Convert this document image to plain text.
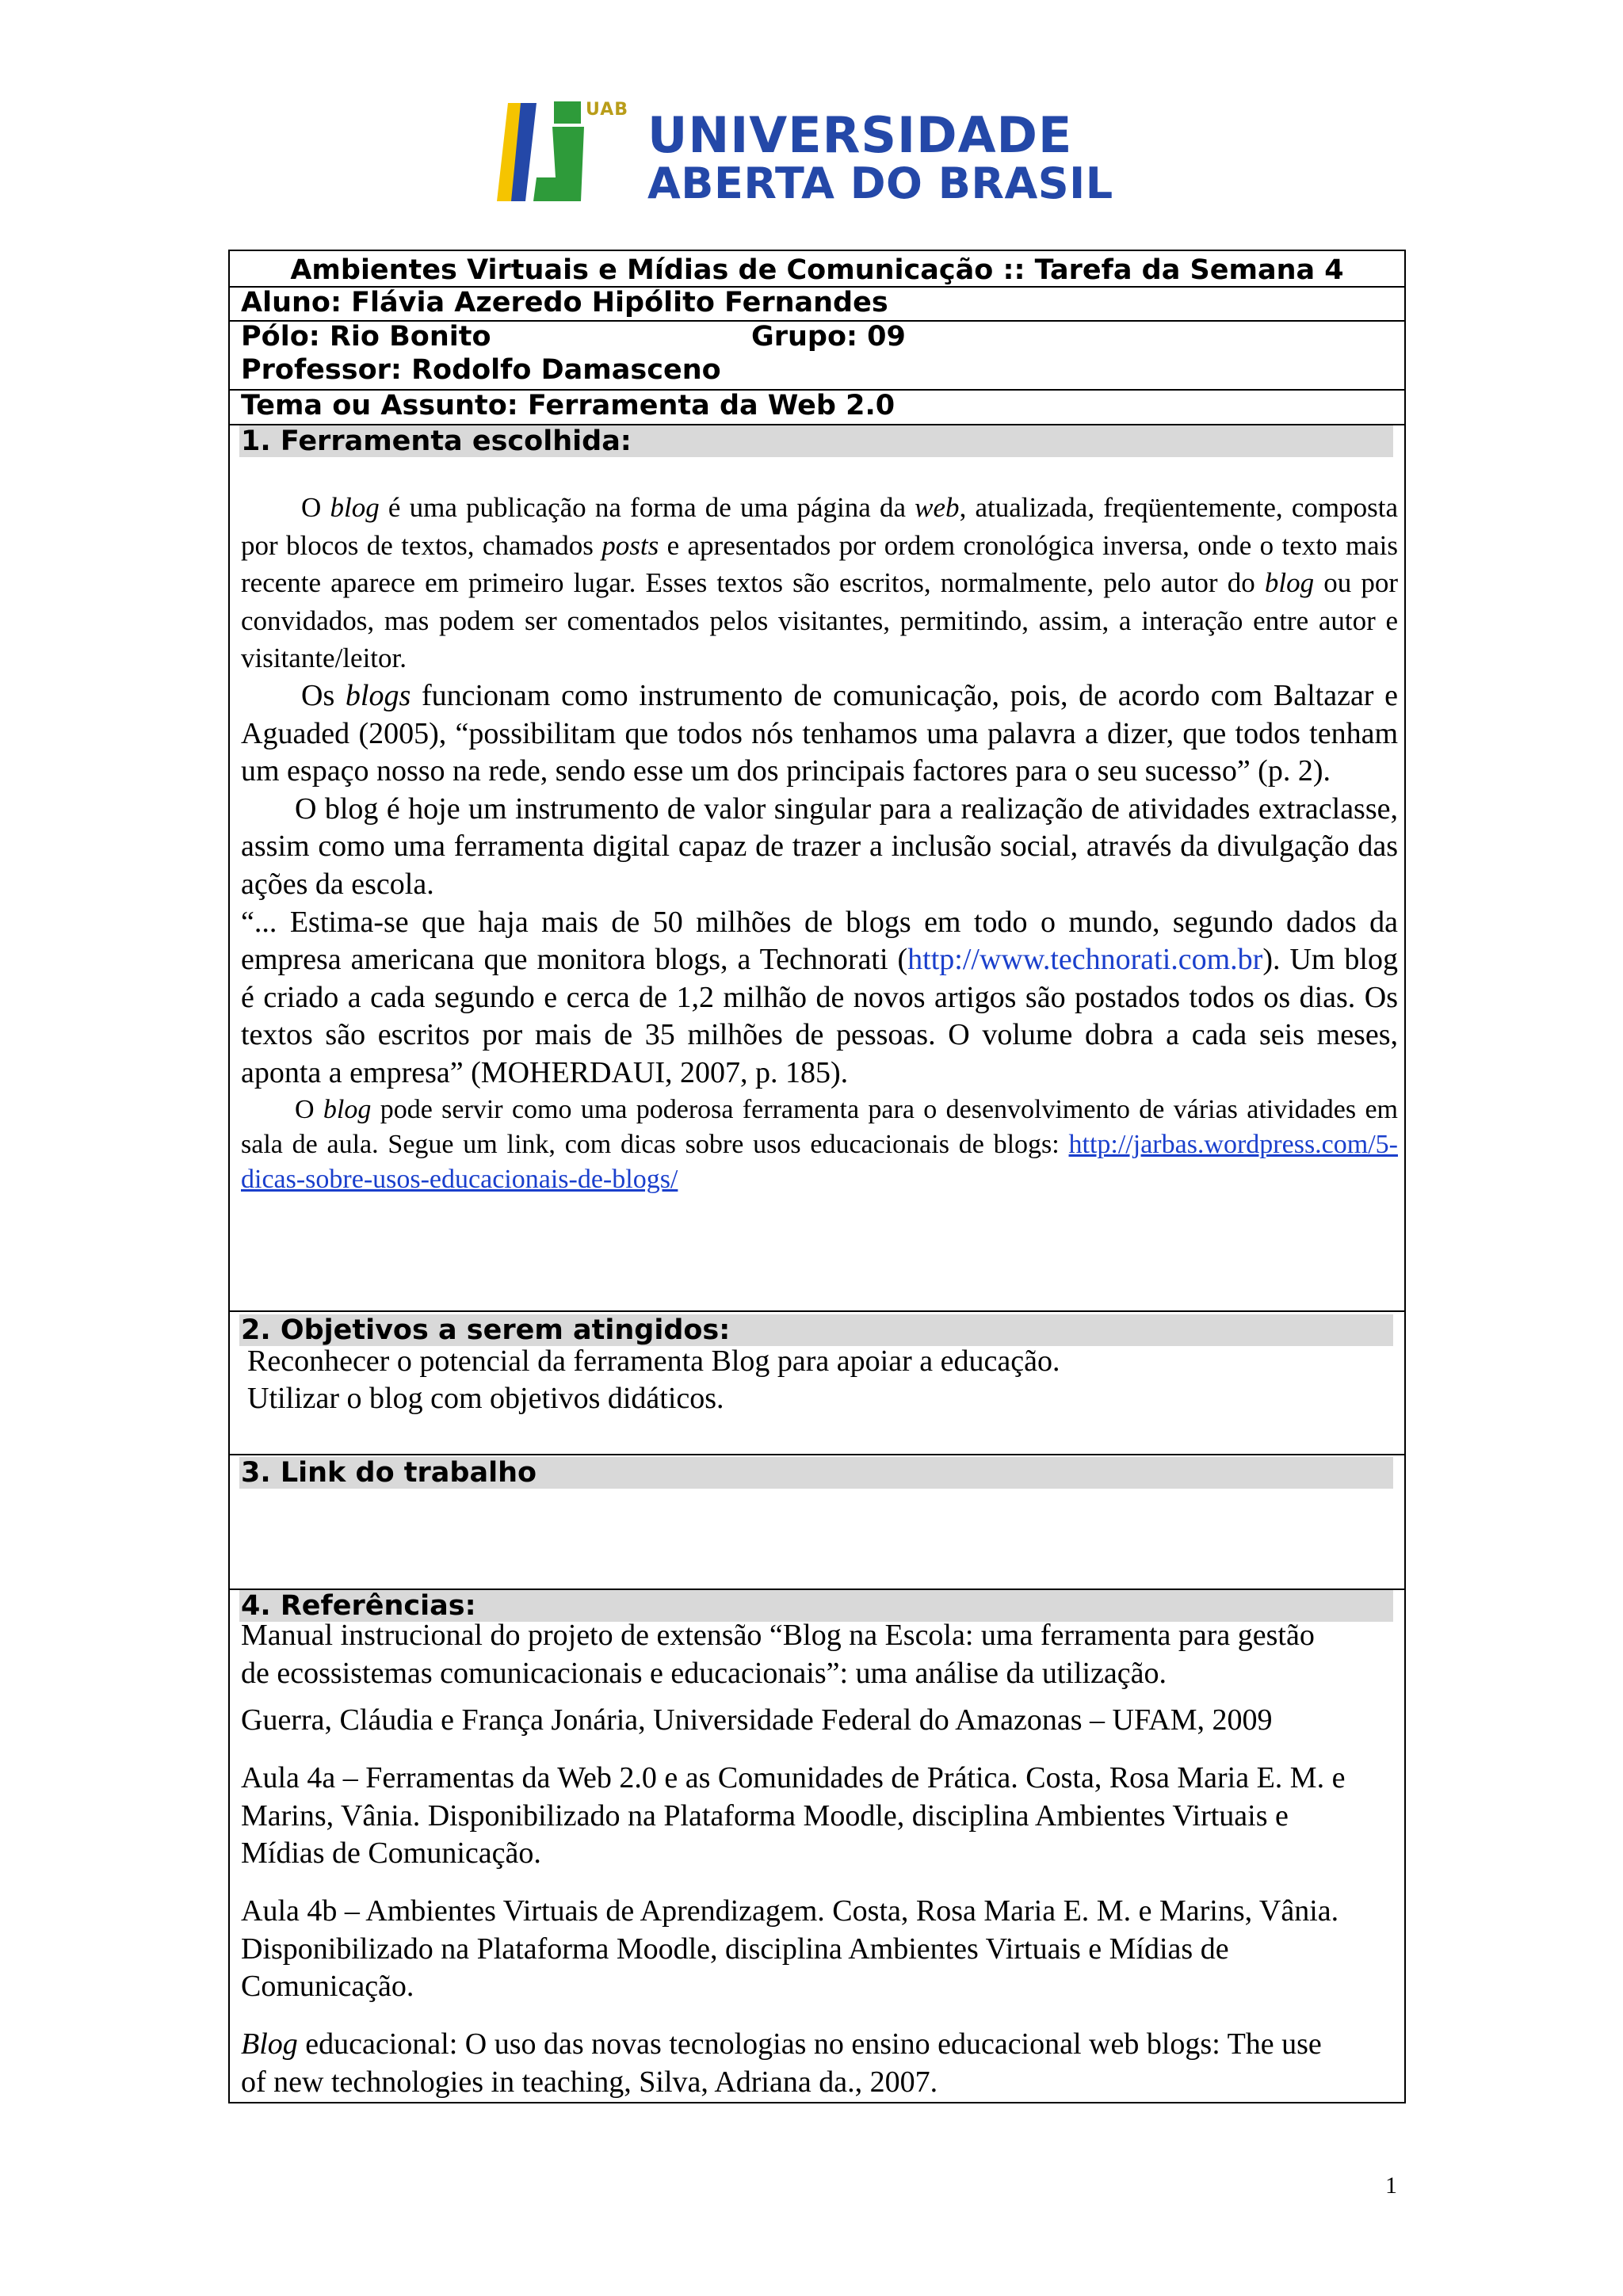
UAB UNIVERSIDADE
ABERTA DO BRASIL
Ambientes Virtuais e Mídias de Comunicação :: Tarefa da Semana 4
Aluno: Flávia Azeredo Hipólito Fernandes
Pólo: Rio Bonito	Grupo: 09
Professor: Rodolfo Damasceno
Tema ou Assunto: Ferramenta da Web 2.0
1. Ferramenta escolhida:

O blog é uma publicação na forma de uma página da web, atualizada, freqüentemente, composta por blocos de textos, chamados posts e apresentados por ordem cronológica inversa, onde o texto mais recente aparece em primeiro lugar. Esses textos são escritos, normalmente, pelo autor do blog ou por convidados, mas podem ser comentados pelos visitantes, permitindo, assim, a interação entre autor e visitante/leitor.

Os blogs funcionam como instrumento de comunicação, pois, de acordo com Baltazar e Aguaded (2005), “possibilitam que todos nós tenhamos uma palavra a dizer, que todos tenham um espaço nosso na rede, sendo esse um dos principais factores para o seu sucesso” (p. 2).

O blog é hoje um instrumento de valor singular para a realização de atividades extraclasse, assim como uma ferramenta digital capaz de trazer a inclusão social, através da divulgação das ações da escola.

“... Estima-se que haja mais de 50 milhões de blogs em todo o mundo, segundo dados da empresa americana que monitora blogs, a Technorati (http://www.technorati.com.br). Um blog é criado a cada segundo e cerca de 1,2 milhão de novos artigos são postados todos os dias. Os textos são escritos por mais de 35 milhões de pessoas. O volume dobra a cada seis meses, aponta a empresa” (MOHERDAUI, 2007, p. 185).

O blog pode servir como uma poderosa ferramenta para o desenvolvimento de várias atividades em sala de aula. Segue um link, com dicas sobre usos educacionais de blogs: http://jarbas.wordpress.com/5-dicas-sobre-usos-educacionais-de-blogs/

2. Objetivos a serem atingidos:
Reconhecer o potencial da ferramenta Blog para apoiar a educação.
Utilizar o blog com objetivos didáticos.
3. Link do trabalho
4. Referências:
Manual instrucional do projeto de extensão “Blog na Escola: uma ferramenta para gestão de ecossistemas comunicacionais e educacionais”: uma análise da utilização.
Guerra, Cláudia e França Jonária, Universidade Federal do Amazonas – UFAM, 2009
Aula 4a – Ferramentas da Web 2.0 e as Comunidades de Prática. Costa, Rosa Maria E. M. e Marins, Vânia. Disponibilizado na Plataforma Moodle, disciplina Ambientes Virtuais e Mídias de Comunicação.
Aula 4b – Ambientes Virtuais de Aprendizagem. Costa, Rosa Maria E. M. e Marins, Vânia. Disponibilizado na Plataforma Moodle, disciplina Ambientes Virtuais e Mídias de Comunicação.
Blog educacional: O uso das novas tecnologias no ensino educacional web blogs: The use of new technologies in teaching, Silva, Adriana da., 2007.
1
